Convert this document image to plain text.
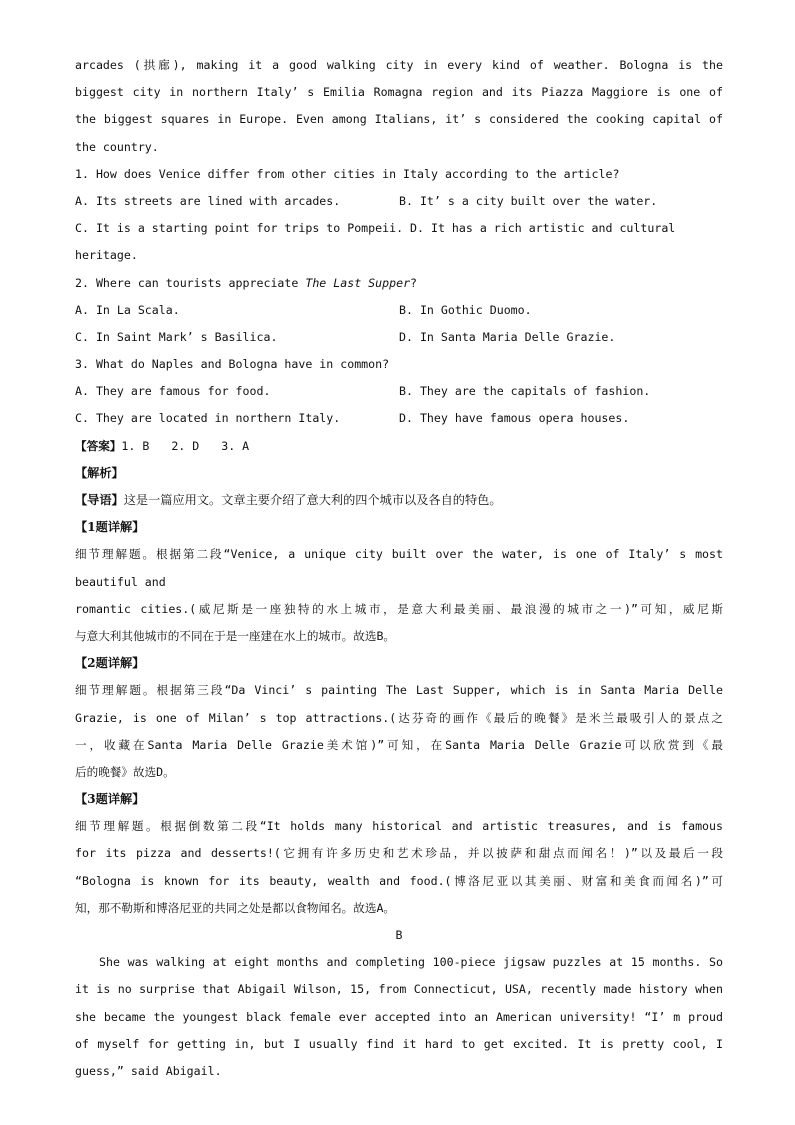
arcades (拱廊), making it a good walking city in every kind of weather. Bologna is the
biggest city in northern Italy’ s Emilia Romagna region and its Piazza Maggiore is one of
the biggest squares in Europe. Even among Italians, it’ s considered the cooking capital of
the country.
1. How does Venice differ from other cities in Italy according to the article?
A. Its streets are lined with arcades.	B. It’ s a city built over the water.
C. It is a starting point for trips to Pompeii. D. It has a rich artistic and cultural
heritage.
2. Where can tourists appreciate The Last Supper?
A. In La Scala.	B. In Gothic Duomo.
C. In Saint Mark’ s Basilica.	D. In Santa Maria Delle Grazie.
3. What do Naples and Bologna have in common?
A. They are famous for food.	B. They are the capitals of fashion.
C. They are located in northern Italy.	D. They have famous opera houses.
【答案】1. B 2. D 3. A
【解析】
【导语】这是一篇应用文。文章主要介绍了意大利的四个城市以及各自的特色。
【1题详解】
细节理解题。根据第二段“Venice, a unique city built over the water, is one of Italy’ s most
beautiful and
romantic cities.(威尼斯是一座独特的水上城市，是意大利最美丽、最浪漫的城市之一)”可知，威尼斯
与意大利其他城市的不同在于是一座建在水上的城市。故选B。
【2题详解】
细节理解题。根据第三段“Da Vinci’ s painting The Last Supper, which is in Santa Maria Delle
Grazie, is one of Milan’ s top attractions.(达芬奇的画作《最后的晚餐》是米兰最吸引人的景点之
一，收藏在Santa Maria Delle Grazie美术馆)”可知，在Santa Maria Delle Grazie可以欣赏到《最
后的晚餐》故选D。
【3题详解】
细节理解题。根据倒数第二段“It holds many historical and artistic treasures, and is famous
for its pizza and desserts!(它拥有许多历史和艺术珍品，并以披萨和甜点而闻名！)”以及最后一段
“Bologna is known for its beauty, wealth and food.(博洛尼亚以其美丽、财富和美食而闻名)”可
知，那不勒斯和博洛尼亚的共同之处是都以食物闻名。故选A。
B
She was walking at eight months and completing 100-piece jigsaw puzzles at 15 months. So
it is no surprise that Abigail Wilson, 15, from Connecticut, USA, recently made history when
she became the youngest black female ever accepted into an American university! “I’ m proud
of myself for getting in, but I usually find it hard to get excited. It is pretty cool, I
guess,” said Abigail.
